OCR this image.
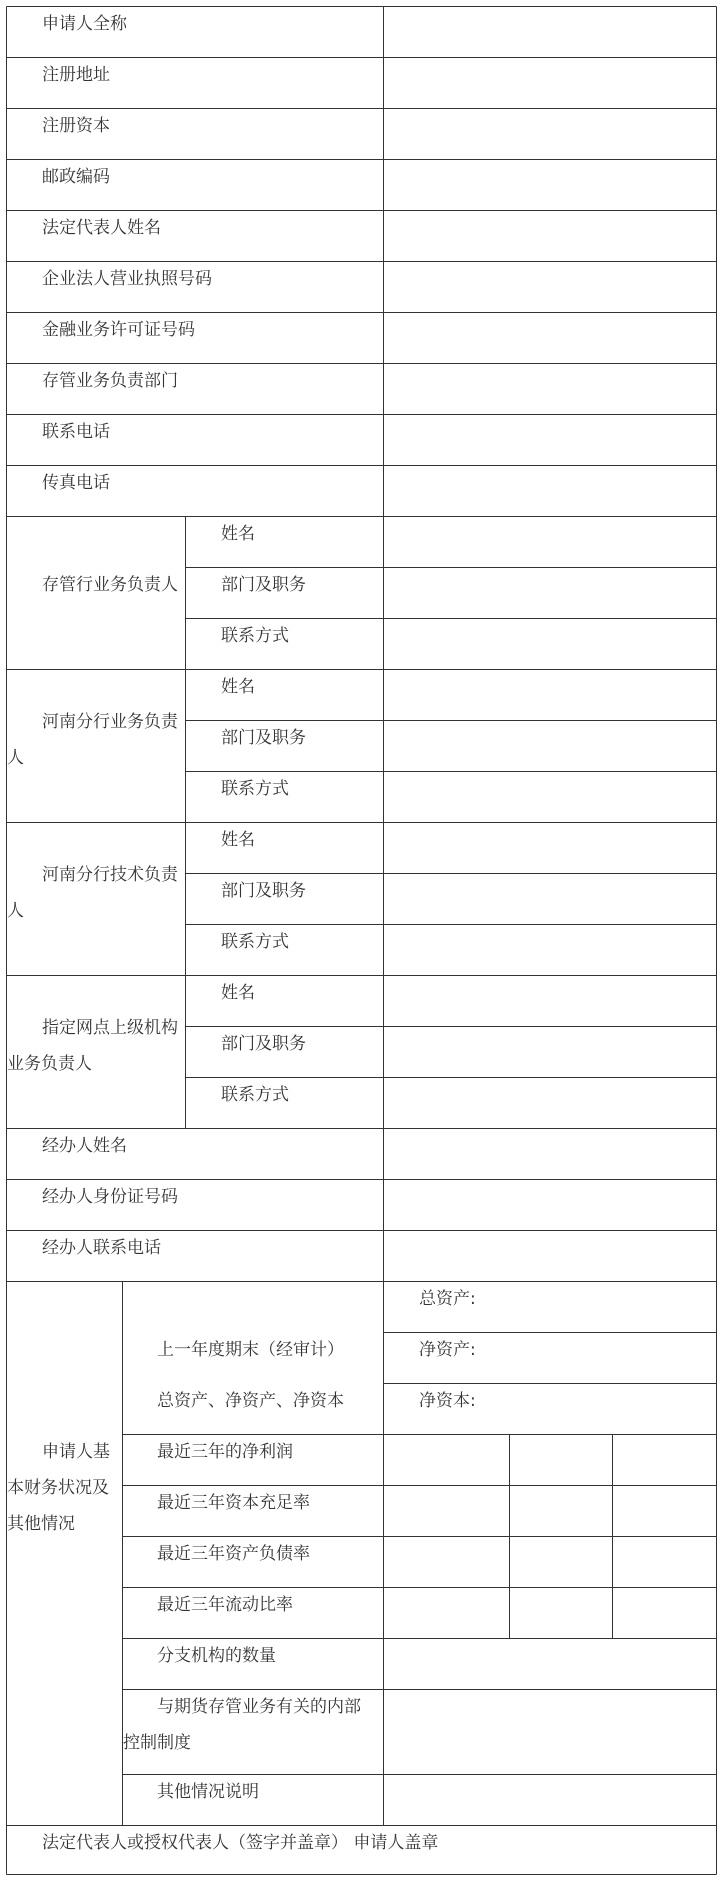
申请人全称
注册地址
注册资本
邮政编码
法定代表人姓名
企业法人营业执照号码
金融业务许可证号码
存管业务负责部门
联系电话
传真电话
存管行业务负责人
姓名
部门及职务
联系方式
河南分行业务负责
人
姓名
部门及职务
联系方式
河南分行技术负责
人
姓名
部门及职务
联系方式
指定网点上级机构
业务负责人
姓名
部门及职务
联系方式
经办人姓名
经办人身份证号码
经办人联系电话
申请人基
本财务状况及
其他情况
上一年度期末（经审计）
总资产、净资产、净资本
总资产:
净资产:
净资本:
最近三年的净利润
最近三年资本充足率
最近三年资产负债率
最近三年流动比率
分支机构的数量
与期货存管业务有关的内部
控制制度
其他情况说明
法定代表人或授权代表人（签字并盖章） 申请人盖章
